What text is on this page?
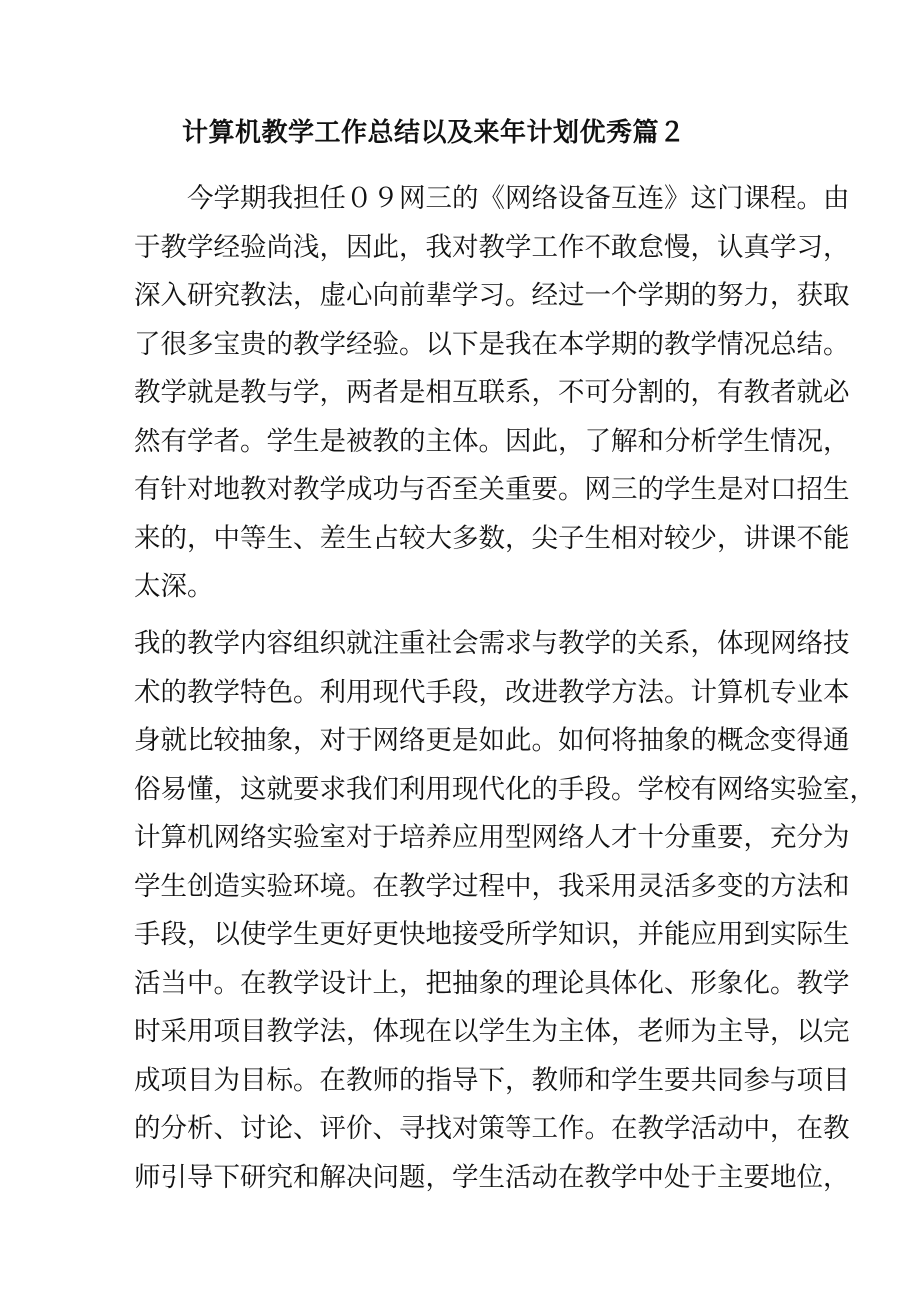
计算机教学工作总结以及来年计划优秀篇２
今学期我担任０９网三的《网络设备互连》这门课程。由
于教学经验尚浅，因此，我对教学工作不敢怠慢，认真学习，
深入研究教法，虚心向前辈学习。经过一个学期的努力，获取
了很多宝贵的教学经验。以下是我在本学期的教学情况总结。
教学就是教与学，两者是相互联系，不可分割的，有教者就必
然有学者。学生是被教的主体。因此，了解和分析学生情况，
有针对地教对教学成功与否至关重要。网三的学生是对口招生
来的，中等生、差生占较大多数，尖子生相对较少，讲课不能
太深。
我的教学内容组织就注重社会需求与教学的关系，体现网络技
术的教学特色。利用现代手段，改进教学方法。计算机专业本
身就比较抽象，对于网络更是如此。如何将抽象的概念变得通
俗易懂，这就要求我们利用现代化的手段。学校有网络实验室，
计算机网络实验室对于培养应用型网络人才十分重要，充分为
学生创造实验环境。在教学过程中，我采用灵活多变的方法和
手段，以使学生更好更快地接受所学知识，并能应用到实际生
活当中。在教学设计上，把抽象的理论具体化、形象化。教学
时采用项目教学法，体现在以学生为主体，老师为主导，以完
成项目为目标。在教师的指导下，教师和学生要共同参与项目
的分析、讨论、评价、寻找对策等工作。在教学活动中，在教
师引导下研究和解决问题，学生活动在教学中处于主要地位，
